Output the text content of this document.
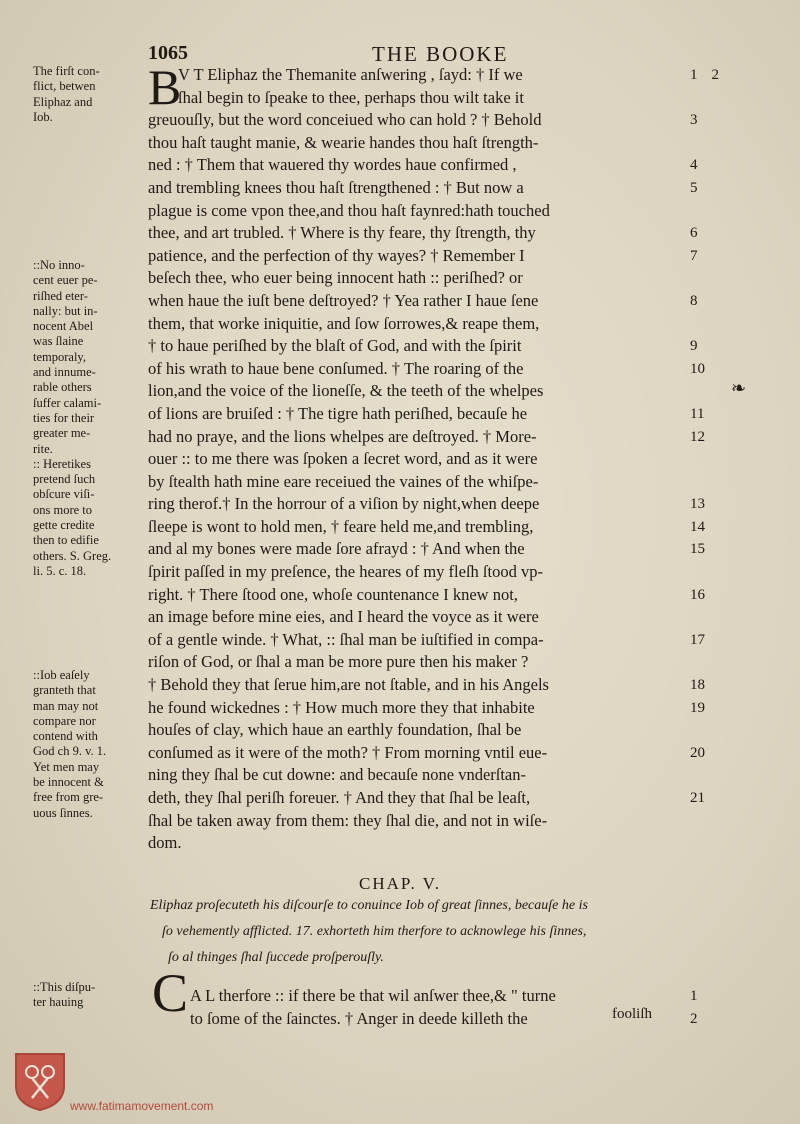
1065	THE BOOKE
B
V T Eliphaz the Themanite anſwering , ſayd: † If we
ſhal begin to ſpeake to thee, perhaps thou wilt take it
greuouſly, but the word conceiued who can hold ? † Behold
thou haſt taught manie, & wearie handes thou haſt ſtrength-
ned : † Them that wauered thy wordes haue confirmed ,
and trembling knees thou haſt ſtrengthened : † But now a
plague is come vpon thee,and thou haſt faynred:hath touched
thee, and art trubled. † Where is thy feare, thy ſtrength, thy
patience, and the perfection of thy wayes? † Remember I
beſech thee, who euer being innocent hath :: periſhed? or
when haue the iuſt bene deſtroyed? † Yea rather I haue ſene
them, that worke iniquitie, and ſow ſorrowes,& reape them,
† to haue periſhed by the blaſt of God, and with the ſpirit
of his wrath to haue bene conſumed. † The roaring of the
lion,and the voice of the lioneſſe, & the teeth of the whelpes
of lions are bruiſed : † The tigre hath periſhed, becauſe he
had no praye, and the lions whelpes are deſtroyed. † More-
ouer :: to me there was ſpoken a ſecret word, and as it were
by ſtealth hath mine eare receiued the vaines of the whiſpe-
ring therof.† In the horrour of a viſion by night,when deepe
ſleepe is wont to hold men, † feare held me,and trembling,
and al my bones were made ſore afrayd : † And when the
ſpirit paſſed in my preſence, the heares of my fleſh ſtood vp-
right. † There ſtood one, whoſe countenance I knew not,
an image before mine eies, and I heard the voyce as it were
of a gentle winde. † What, :: ſhal man be iuſtified in compa-
riſon of God, or ſhal a man be more pure then his maker ?
† Behold they that ſerue him,are not ſtable, and in his Angels
he found wickednes : † How much more they that inhabite
houſes of clay, which haue an earthly foundation, ſhal be
conſumed as it were of the moth? † From morning vntil eue-
ning they ſhal be cut downe: and becauſe none vnderſtan-
deth, they ſhal periſh foreuer. † And they that ſhal be leaſt,
ſhal be taken away from them: they ſhal die, and not in wiſe-
dom.
1 2
3
4
5
6
7
8
9
10
11
12
13
14
15
16
17
18
19
20
21
The firſt con-
flict, betwen
Eliphaz and
Iob.
::No inno-
cent euer pe-
riſhed eter-
nally: but in-
nocent Abel
was ſlaine
temporaly,
and innume-
rable others
ſuffer calami-
ties for their
greater me-
rite.
:: Heretikes
pretend ſuch
obſcure viſi-
ons more to
gette credite
then to edifie
others. S. Greg.
li. 5. c. 18.
::Iob eaſely
granteth that
man may not
compare nor
contend with
God ch 9. v. 1.
Yet men may
be innocent &
free from gre-
uous ſinnes.
::This diſpu-
ter hauing
CHAP. V.
Eliphaz proſecuteth his diſcourſe to conuince Iob of great ſinnes, becauſe he is
ſo vehemently afflicted. 17. exhorteth him therfore to acknowlege his ſinnes,
ſo al thinges ſhal ſuccede proſperouſly.
C A L therfore :: if there be that wil anſwer thee,& " turne
to ſome of the ſainctes. † Anger in deede killeth the
1
2
fooliſh
www.fatimamovement.com
❧
